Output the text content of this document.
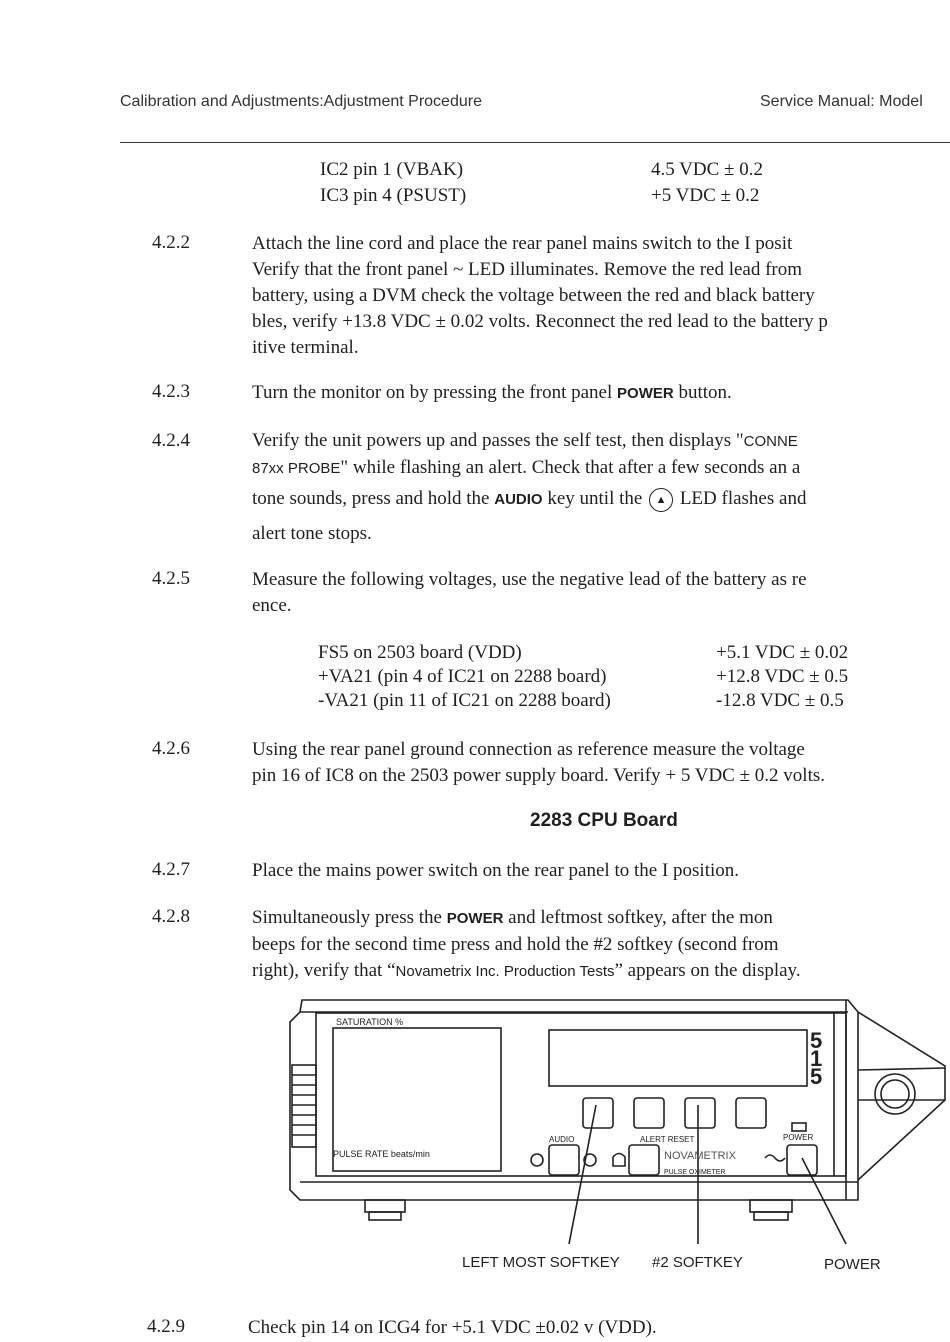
Calibration and Adjustments:Adjustment Procedure	Service Manual: Model
IC2 pin 1 (VBAK)	4.5 VDC ± 0.2
IC3 pin 4 (PSUST)	+5 VDC ± 0.2
4.2.2	Attach the line cord and place the rear panel mains switch to the I posit
Verify that the front panel ~ LED illuminates. Remove the red lead from
battery, using a DVM check the voltage between the red and black battery
bles, verify +13.8 VDC ± 0.02 volts. Reconnect the red lead to the battery p
itive terminal.
4.2.3	Turn the monitor on by pressing the front panel POWER button.
4.2.4	Verify the unit powers up and passes the self test, then displays "CONNE
87xx PROBE" while flashing an alert. Check that after a few seconds an a
tone sounds, press and hold the AUDIO key until the ▲ LED flashes and
alert tone stops.
4.2.5	Measure the following voltages, use the negative lead of the battery as re
ence.
FS5 on 2503 board (VDD)	+5.1 VDC ± 0.02
+VA21 (pin 4 of IC21 on 2288 board)	+12.8 VDC ± 0.5
-VA21 (pin 11 of IC21 on 2288 board)	-12.8 VDC ± 0.5
4.2.6	Using the rear panel ground connection as reference measure the voltage
pin 16 of IC8 on the 2503 power supply board. Verify + 5 VDC ± 0.2 volts.
2283 CPU Board
4.2.7	Place the mains power switch on the rear panel to the I position.
4.2.8	Simultaneously press the POWER and leftmost softkey, after the mon
beeps for the second time press and hold the #2 softkey (second from
right), verify that “Novametrix Inc. Production Tests” appears on the display.
SATURATION %
PULSE RATE beats/min
5
1
5
AUDIO	ALERT RESET	POWER
NOVAMETRIX
PULSE OXIMETER
LEFT MOST SOFTKEY #2 SOFTKEY	POWER
4.2.9	Check pin 14 on ICG4 for +5.1 VDC ±0.02 v (VDD).
